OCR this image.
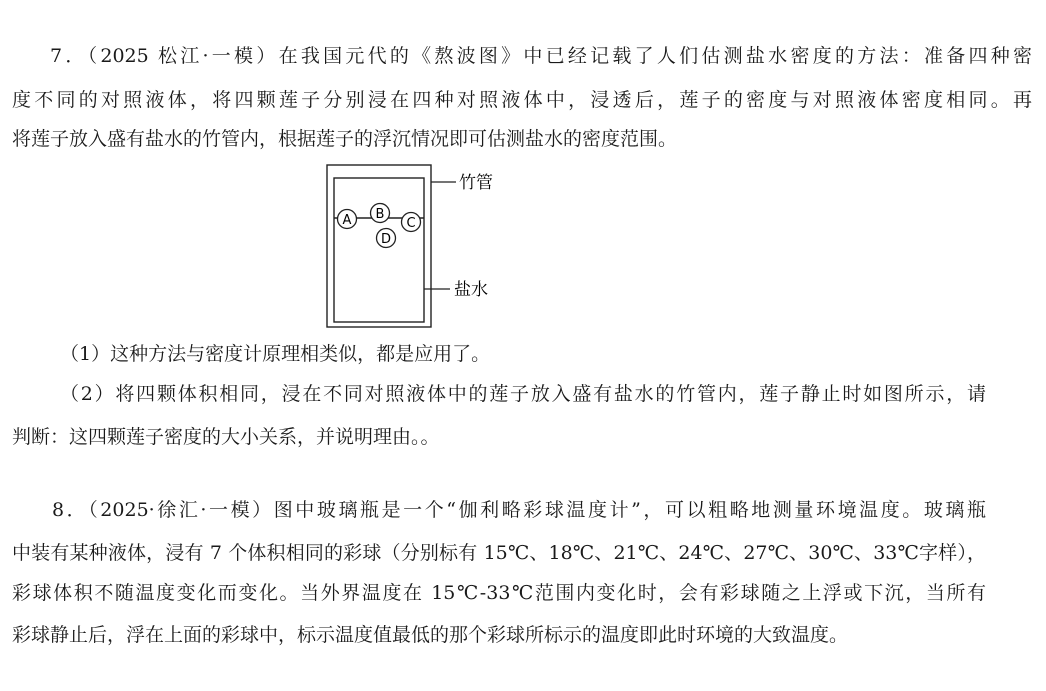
7．（2025 松江·一模）在我国元代的《熬波图》中已经记载了人们估测盐水密度的方法：准备四种密

度不同的对照液体，将四颗莲子分别浸在四种对照液体中，浸透后，莲子的密度与对照液体密度相同。再

将莲子放入盛有盐水的竹管内，根据莲子的浮沉情况即可估测盐水的密度范围。

A B
C
D
竹管
盐水

（1）这种方法与密度计原理相类似，都是应用了。

（2）将四颗体积相同，浸在不同对照液体中的莲子放入盛有盐水的竹管内，莲子静止时如图所示，请

判断：这四颗莲子密度的大小关系，并说明理由。。

8．（2025·徐汇·一模）图中玻璃瓶是一个“伽利略彩球温度计”，可以粗略地测量环境温度。玻璃瓶

中装有某种液体，浸有 7 个体积相同的彩球（分别标有 15℃、18℃、21℃、24℃、27℃、30℃、33℃字样），

彩球体积不随温度变化而变化。当外界温度在 15℃-33℃范围内变化时，会有彩球随之上浮或下沉，当所有

彩球静止后，浮在上面的彩球中，标示温度值最低的那个彩球所标示的温度即此时环境的大致温度。
